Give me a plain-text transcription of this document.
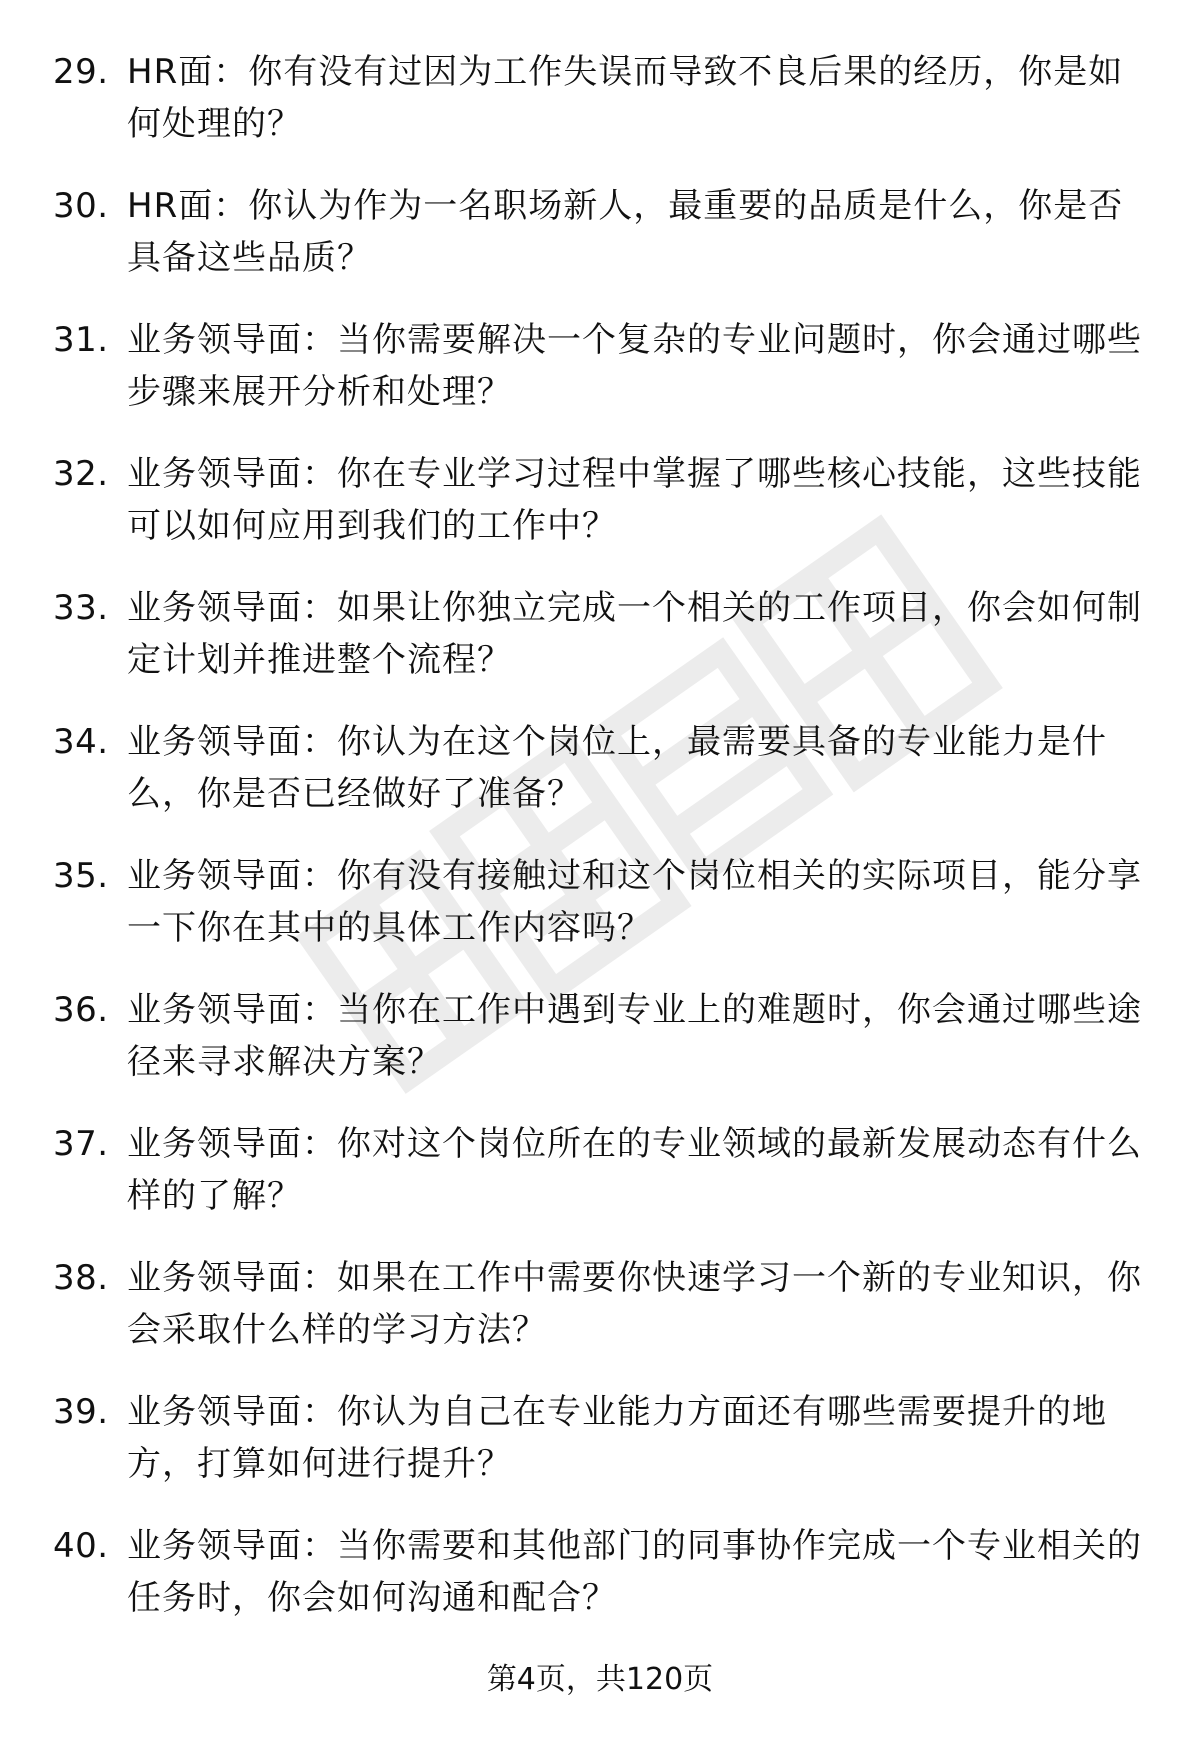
29. HR面：你有没有过因为工作失误而导致不良后果的经历，你是如何处理的？
30. HR面：你认为作为一名职场新人，最重要的品质是什么，你是否具备这些品质？
31. 业务领导面：当你需要解决一个复杂的专业问题时，你会通过哪些步骤来展开分析和处理？
32. 业务领导面：你在专业学习过程中掌握了哪些核心技能，这些技能可以如何应用到我们的工作中？
33. 业务领导面：如果让你独立完成一个相关的工作项目，你会如何制定计划并推进整个流程？
34. 业务领导面：你认为在这个岗位上，最需要具备的专业能力是什么，你是否已经做好了准备？
35. 业务领导面：你有没有接触过和这个岗位相关的实际项目，能分享一下你在其中的具体工作内容吗？
36. 业务领导面：当你在工作中遇到专业上的难题时，你会通过哪些途径来寻求解决方案？
37. 业务领导面：你对这个岗位所在的专业领域的最新发展动态有什么样的了解？
38. 业务领导面：如果在工作中需要你快速学习一个新的专业知识，你会采取什么样的学习方法？
39. 业务领导面：你认为自己在专业能力方面还有哪些需要提升的地方，打算如何进行提升？
40. 业务领导面：当你需要和其他部门的同事协作完成一个专业相关的任务时，你会如何沟通和配合？
第4页，共120页
